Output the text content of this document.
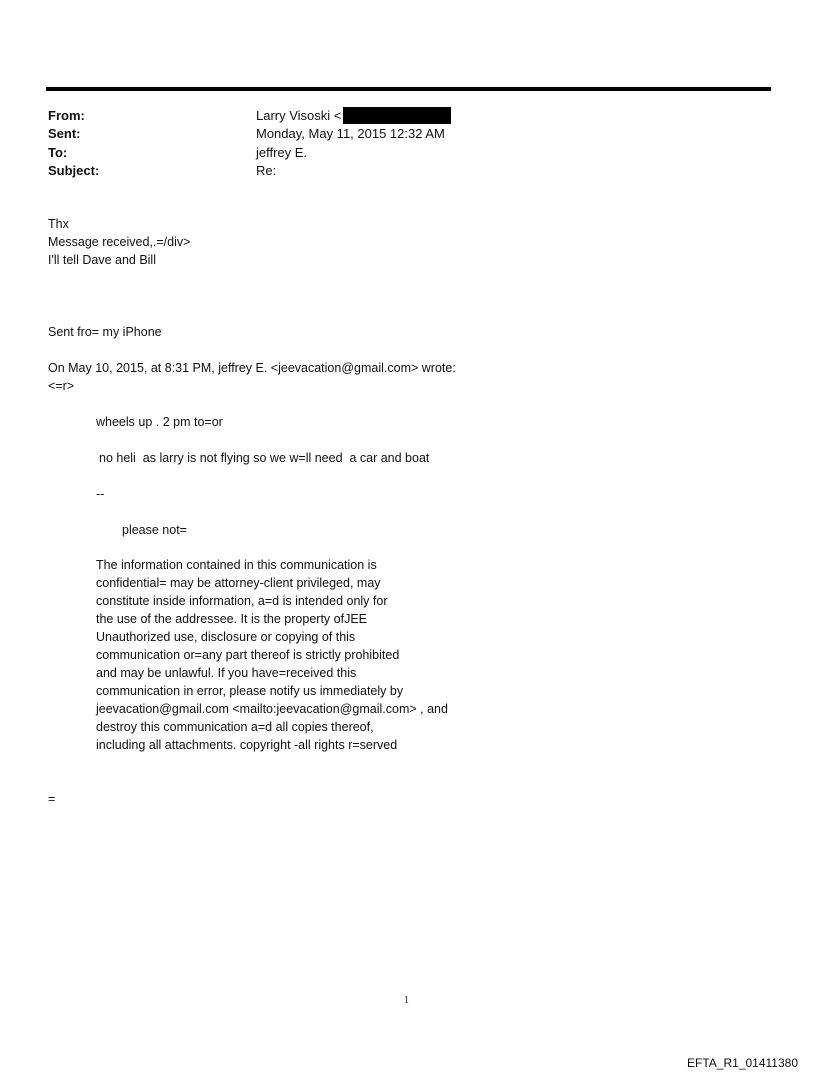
From:	Larry Visoski <
Sent:	Monday, May 11, 2015 12:32 AM
To:	jeffrey E.
Subject:	Re:
Thx
Message received,.=/div>
I'll tell Dave and Bill
Sent fro= my iPhone
On May 10, 2015, at 8:31 PM, jeffrey E. <jeevacation@gmail.com> wrote:
<=r>
wheels up . 2 pm to=or
no heli  as larry is not flying so we w=ll need  a car and boat
--
please not=
The information contained in this communication is
confidential= may be attorney-client privileged, may
constitute inside information, a=d is intended only for
the use of the addressee. It is the property ofJEE
Unauthorized use, disclosure or copying of this
communication or=any part thereof is strictly prohibited
and may be unlawful. If you have=received this
communication in error, please notify us immediately by
jeevacation@gmail.com <mailto:jeevacation@gmail.com> , and
destroy this communication a=d all copies thereof,
including all attachments. copyright -all rights r=served
=
1
EFTA_R1_01411380
